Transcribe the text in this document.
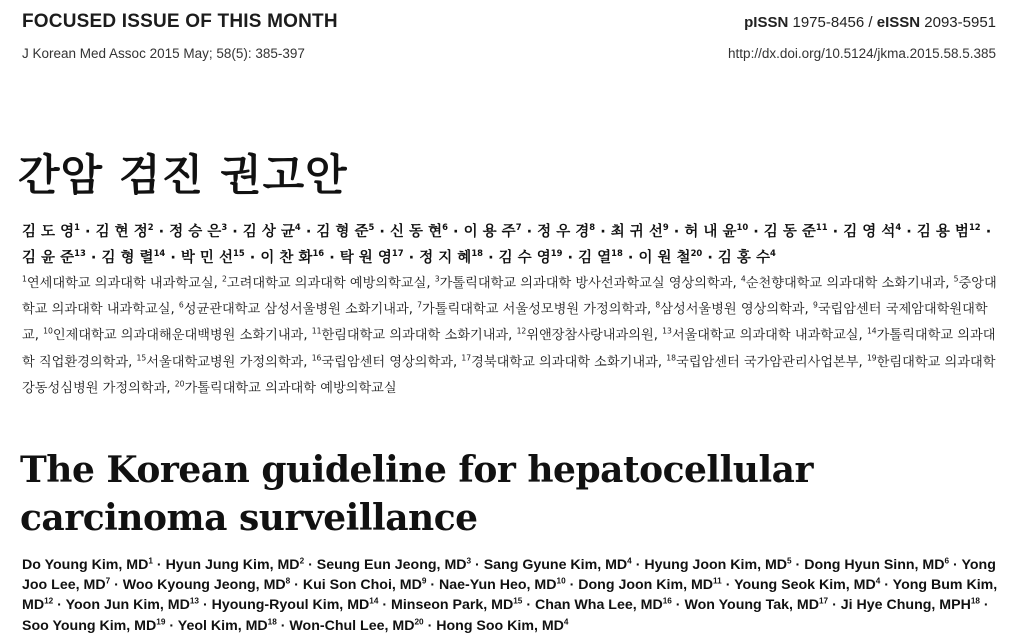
FOCUSED ISSUE OF THIS MONTH	pISSN 1975-8456 / eISSN 2093-5951
J Korean Med Assoc 2015 May; 58(5): 385-397	http://dx.doi.org/10.5124/jkma.2015.58.5.385
간암 검진 권고안
김 도 영$^1$ · 김 현 정$^2$ · 정 승 은$^3$ · 김 상 균$^4$ · 김 형 준$^5$ · 신 동 현$^6$ · 이 용 주$^7$ · 정 우 경$^8$ · 최 귀 선$^9$ · 허 내 윤$^{10}$ · 김 동 준$^{11}$ · 김 영 석$^4$ · 김 용 범$^{12}$ · 김 윤 준$^{13}$ · 김 형 렬$^{14}$ · 박 민 선$^{15}$ · 이 찬 화$^{16}$ · 탁 원 영$^{17}$ · 정 지 혜$^{18}$ · 김 수 영$^{19}$ · 김 열$^{18}$ · 이 원 철$^{20}$ · 김 홍 수$^4$
$^1$연세대학교 의과대학 내과학교실, $^2$고려대학교 의과대학 예방의학교실, $^3$가톨릭대학교 의과대학 방사선과학교실 영상의학과, $^4$순천향대학교 의과대학 소화기내과, $^5$중앙대학교 의과대학 내과학교실, $^6$성균관대학교 삼성서울병원 소화기내과, $^7$가톨릭대학교 서울성모병원 가정의학과, $^8$삼성서울병원 영상의학과, $^9$국립암센터 국제암대학원대학교, $^{10}$인제대학교 의과대해운대백병원 소화기내과, $^{11}$한림대학교 의과대학 소화기내과, $^{12}$위앤장참사랑내과의원, $^{13}$서울대학교 의과대학 내과학교실, $^{14}$가톨릭대학교 의과대학 직업환경의학과, $^{15}$서울대학교병원 가정의학과, $^{16}$국립암센터 영상의학과, $^{17}$경북대학교 의과대학 소화기내과, $^{18}$국립암센터 국가암관리사업본부, $^{19}$한림대학교 의과대학 강동성심병원 가정의학과, $^{20}$가톨릭대학교 의과대학 예방의학교실
The Korean guideline for hepatocellular carcinoma surveillance
Do Young Kim, $MD^1$ · Hyun Jung Kim, $MD^2$ · Seung Eun Jeong, $MD^3$ · Sang Gyune Kim, $MD^4$ · Hyung Joon Kim, $MD^5$ · Dong Hyun Sinn, $MD^6$ · Yong Joo Lee, $MD^7$ · Woo Kyoung Jeong, $MD^8$ · Kui Son Choi, $MD^9 \cdot Nae-Yun$ Heo, $MD^{10}$ · Dong Joon Kim, $MD^{11}$ · Young Seok Kim, $MD^4$ · Yong Bum Kim, $MD^{12}$ · Yoon Jun Kim, $MD^{13}$ · Hyoung-Ryoul Kim, $MD^{14}$ · Minseon Park, $MD^{15}$ · Chan Wha Lee, $MD^{16}$ · Won Young Tak, $MD^{17} \cdot Ji$ Hye Chung, $MPH^{18}$ · Soo Young Kim, $MD^{19}$ · Yeol Kim, $MD^{18}$ · Won-Chul Lee, $MD^{20}$ · Hong Soo Kim, $MD^4$
